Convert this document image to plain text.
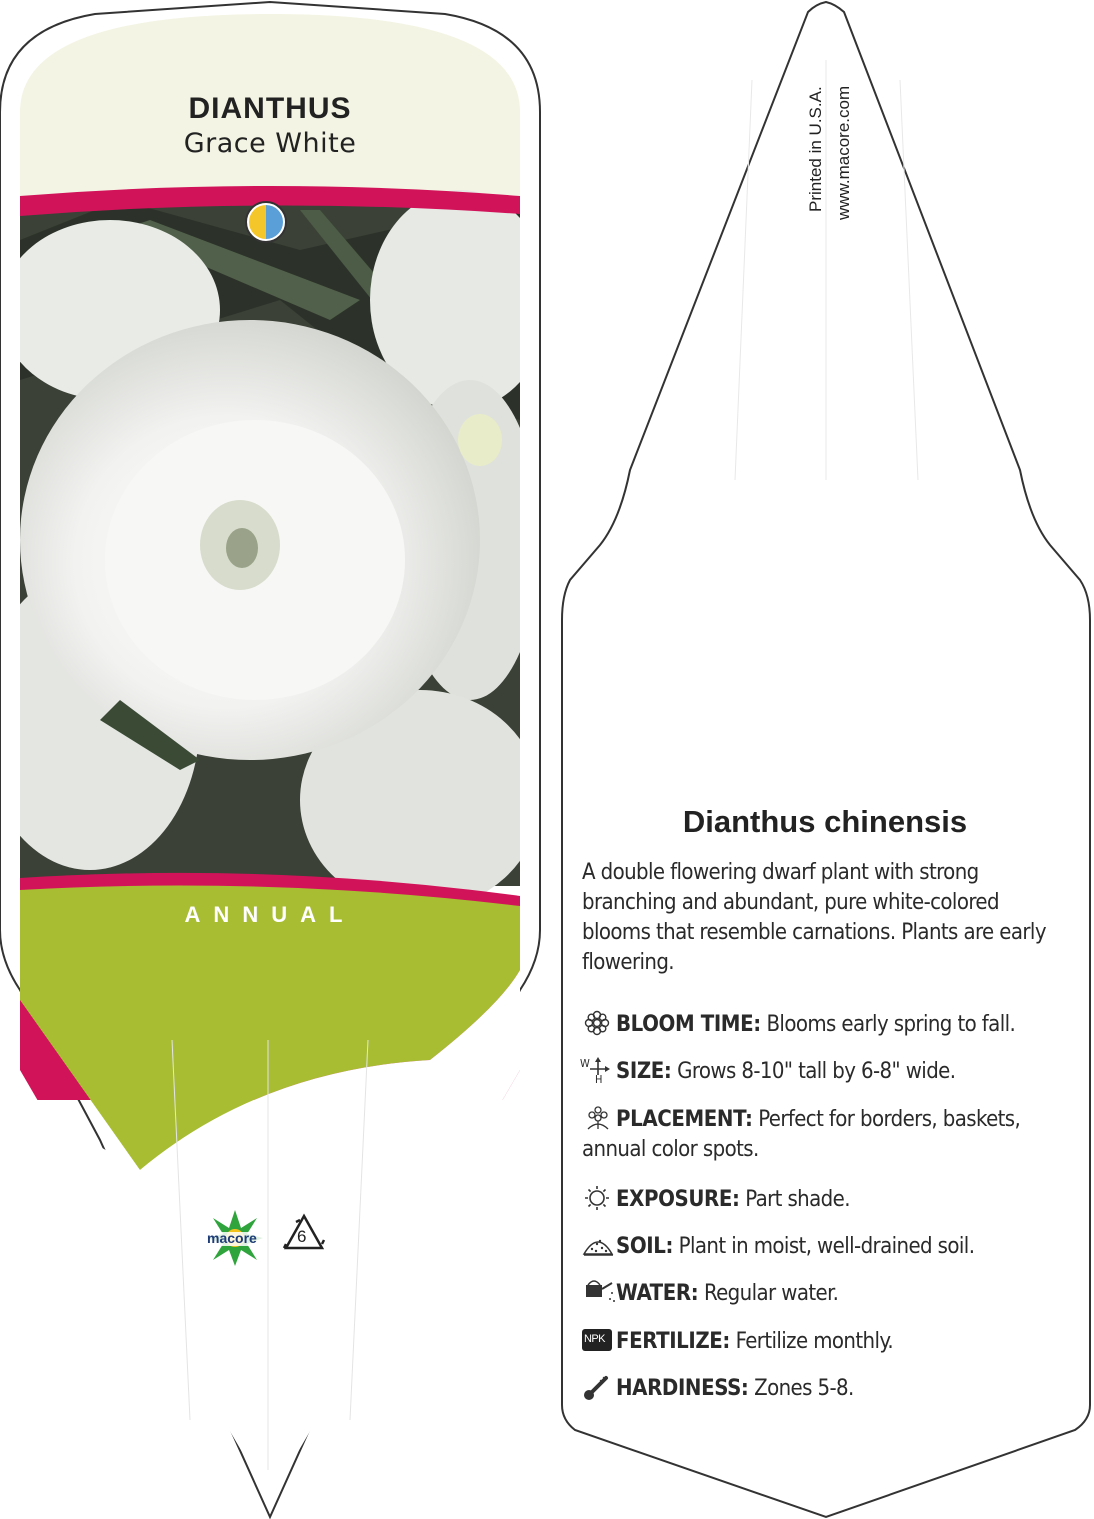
DIANTHUS
Grace White
ANNUAL
macore 6
Printed in U.S.A. www.macore.com
Dianthus chinensis
A double flowering dwarf plant with strong branching and abundant, pure white-colored blooms that resemble carnations. Plants are early flowering.
BLOOM TIME: Blooms early spring to fall.
W
H SIZE: Grows 8-10" tall by 6-8" wide.
PLACEMENT: Perfect for borders, baskets, annual color spots.
EXPOSURE: Part shade.
SOIL: Plant in moist, well-drained soil.
WATER: Regular water.
NPK FERTILIZE: Fertilize monthly.
HARDINESS: Zones 5-8.
